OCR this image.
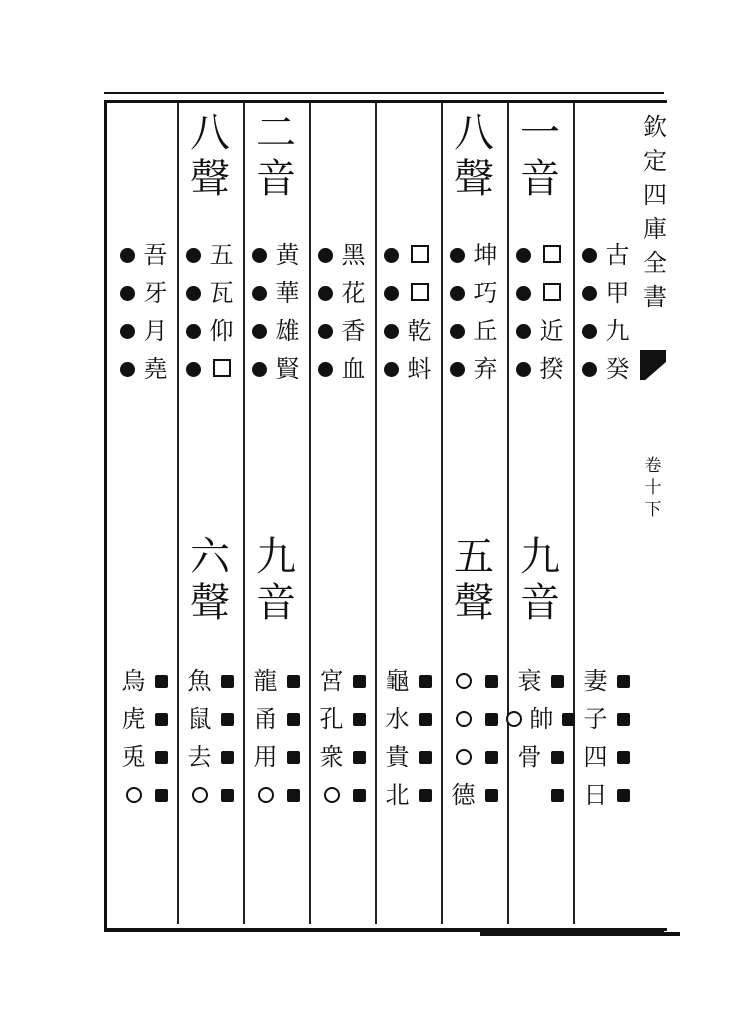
欽
定
四
庫
全
書
卷
十
下
古
甲
九
癸
妻
子
四
日
一
音
近
揆
九
音
衰
帥
骨
八
聲
坤
巧
丘
弃
五
聲
德
乾
蚪
龜
水
貴
北
黑
花
香
血
宮
孔
衆
二
音
黄
華
雄
賢
九
音
龍
甬
用
八
聲
五
瓦
仰
六
聲
魚
鼠
去
吾
牙
月
堯
烏
虎
兎
